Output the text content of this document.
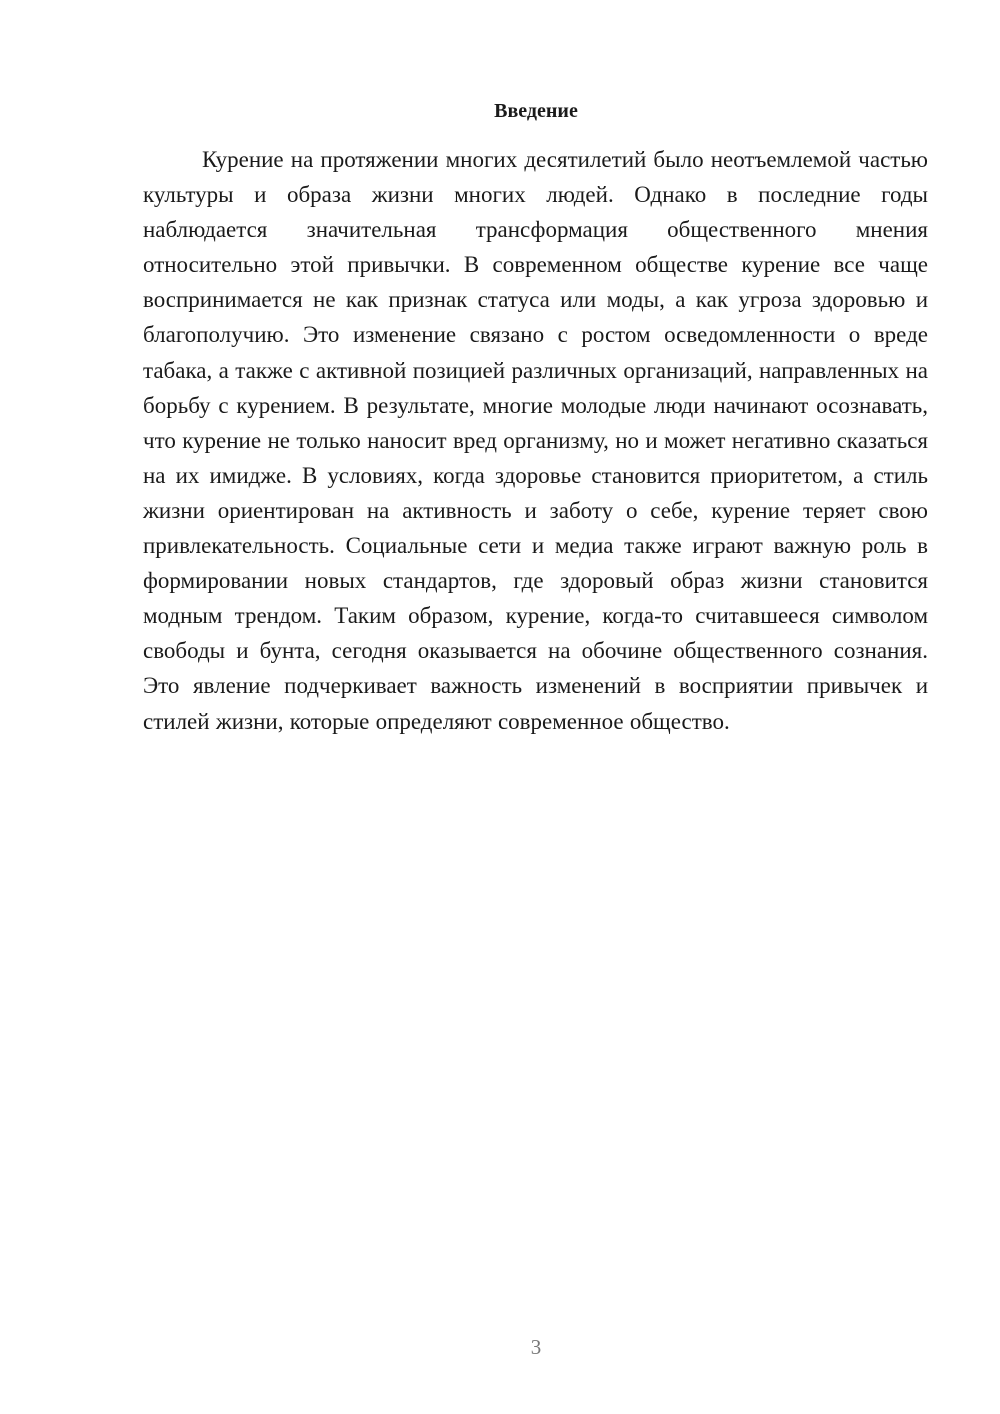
Введение

Курение на протяжении многих десятилетий было неотъемлемой частью культуры и образа жизни многих людей. Однако в последние годы наблюдается значительная трансформация общественного мнения относительно этой привычки. В современном обществе курение все чаще воспринимается не как признак статуса или моды, а как угроза здоровью и благополучию. Это изменение связано с ростом осведомленности о вреде табака, а также с активной позицией различных организаций, направленных на борьбу с курением. В результате, многие молодые люди начинают осознавать, что курение не только наносит вред организму, но и может негативно сказаться на их имидже. В условиях, когда здоровье становится приоритетом, а стиль жизни ориентирован на активность и заботу о себе, курение теряет свою привлекательность. Социальные сети и медиа также играют важную роль в формировании новых стандартов, где здоровый образ жизни становится модным трендом. Таким образом, курение, когда-то считавшееся символом свободы и бунта, сегодня оказывается на обочине общественного сознания. Это явление подчеркивает важность изменений в восприятии привычек и стилей жизни, которые определяют современное общество.

3
